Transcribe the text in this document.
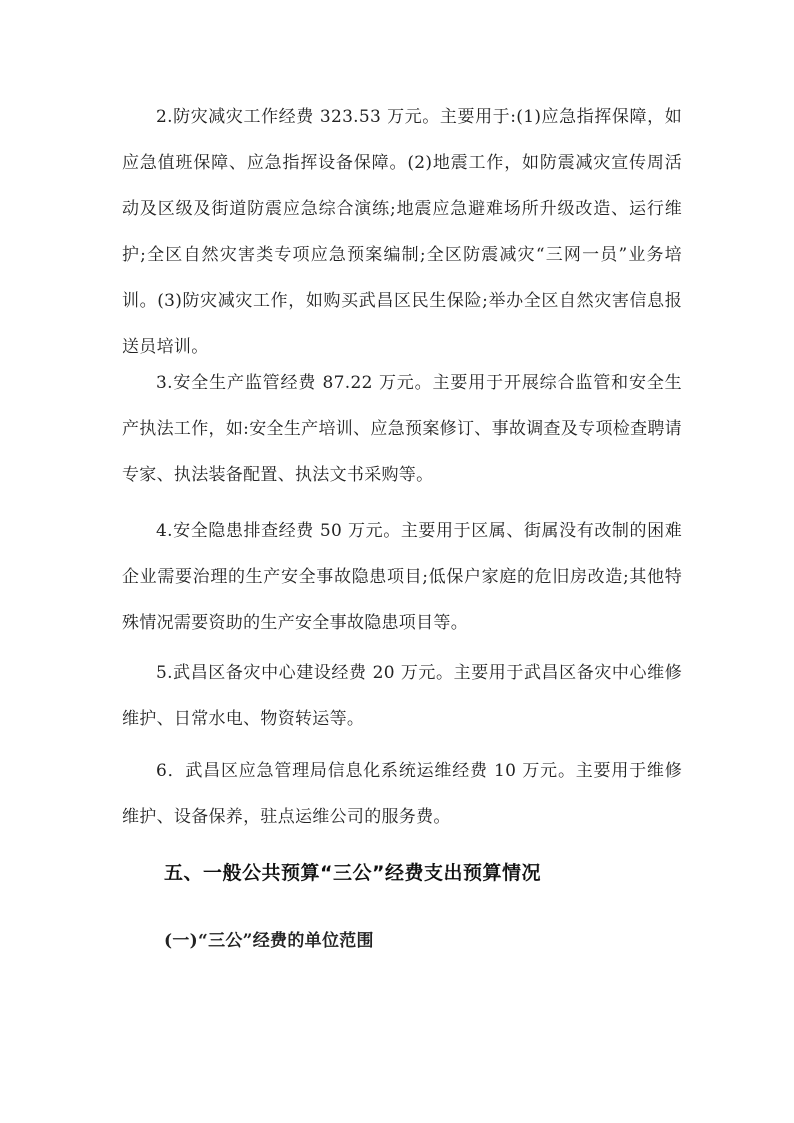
2.防灾减灾工作经费 323.53 万元。主要用于:(1)应急指挥保障，如应急值班保障、应急指挥设备保障。(2)地震工作，如防震减灾宣传周活动及区级及街道防震应急综合演练;地震应急避难场所升级改造、运行维护;全区自然灾害类专项应急预案编制;全区防震减灾“三网一员”业务培训。(3)防灾减灾工作，如购买武昌区民生保险;举办全区自然灾害信息报送员培训。

3.安全生产监管经费 87.22 万元。主要用于开展综合监管和安全生产执法工作，如:安全生产培训、应急预案修订、事故调查及专项检查聘请专家、执法装备配置、执法文书采购等。

4.安全隐患排查经费 50 万元。主要用于区属、街属没有改制的困难企业需要治理的生产安全事故隐患项目;低保户家庭的危旧房改造;其他特殊情况需要资助的生产安全事故隐患项目等。

5.武昌区备灾中心建设经费 20 万元。主要用于武昌区备灾中心维修维护、日常水电、物资转运等。

6．武昌区应急管理局信息化系统运维经费 10 万元。主要用于维修维护、设备保养，驻点运维公司的服务费。

五、一般公共预算“三公”经费支出预算情况
(一)“三公”经费的单位范围
